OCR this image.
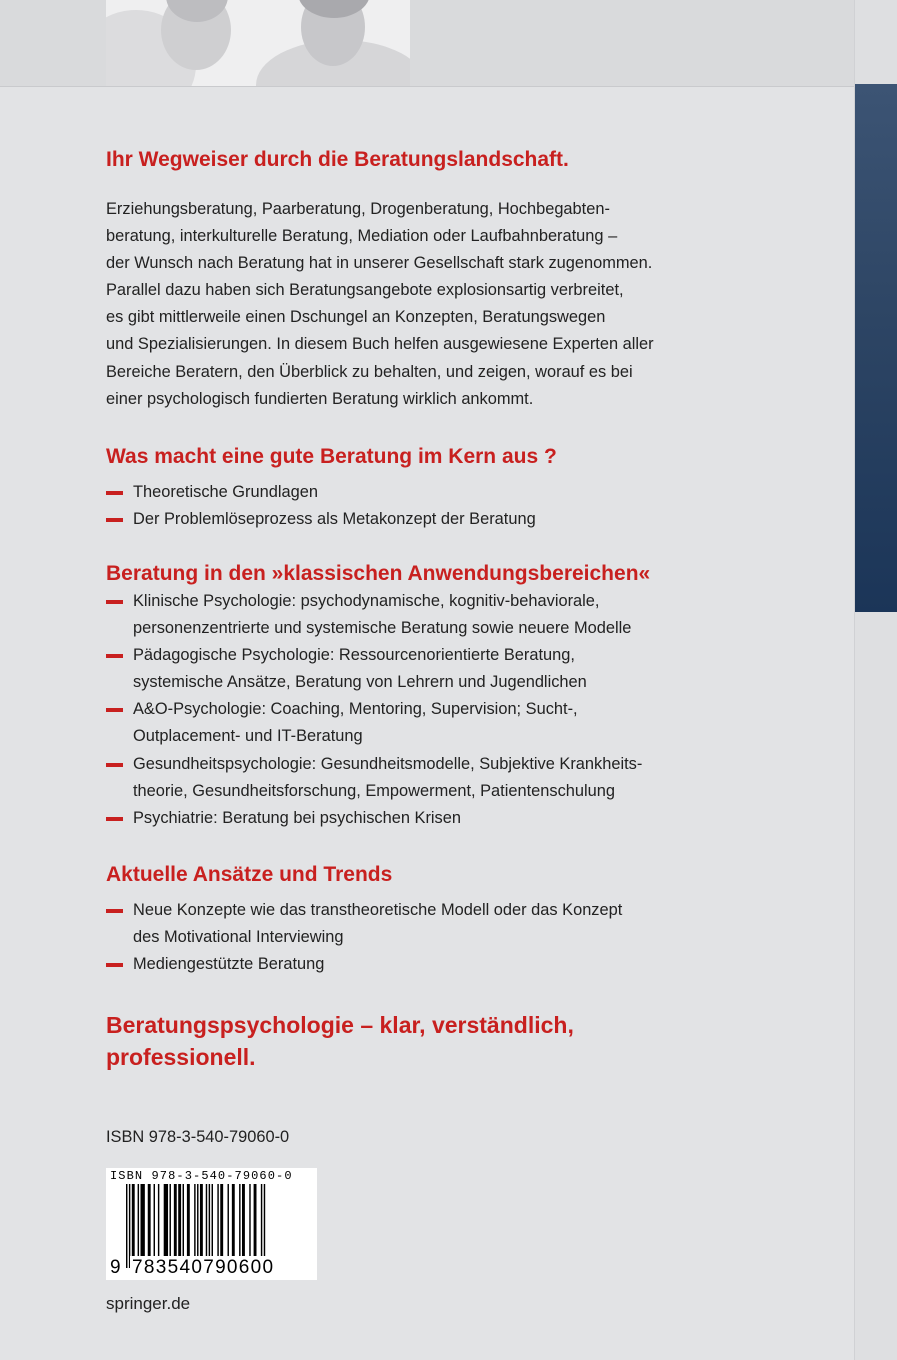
Ihr Wegweiser durch die Beratungslandschaft.
Erziehungsberatung, Paarberatung, Drogenberatung, Hochbegabten-
beratung, interkulturelle Beratung, Mediation oder Laufbahnberatung –
der Wunsch nach Beratung hat in unserer Gesellschaft stark zugenommen.
Parallel dazu haben sich Beratungsangebote explosionsartig verbreitet,
es gibt mittlerweile einen Dschungel an Konzepten, Beratungswegen
und Spezialisierungen. In diesem Buch helfen ausgewiesene Experten aller
Bereiche Beratern, den Überblick zu behalten, und zeigen, worauf es bei
einer psychologisch fundierten Beratung wirklich ankommt.
Was macht eine gute Beratung im Kern aus ?
Theoretische Grundlagen
Der Problemlöseprozess als Metakonzept der Beratung
Beratung in den »klassischen Anwendungsbereichen«
Klinische Psychologie: psychodynamische, kognitiv-behaviorale,
personenzentrierte und systemische Beratung sowie neuere Modelle
Pädagogische Psychologie: Ressourcenorientierte Beratung,
systemische Ansätze, Beratung von Lehrern und Jugendlichen
A&O-Psychologie: Coaching, Mentoring, Supervision; Sucht-,
Outplacement- und IT-Beratung
Gesundheitspsychologie: Gesundheitsmodelle, Subjektive Krankheits-
theorie, Gesundheitsforschung, Empowerment, Patientenschulung
Psychiatrie: Beratung bei psychischen Krisen
Aktuelle Ansätze und Trends
Neue Konzepte wie das transtheoretische Modell oder das Konzept
des Motivational Interviewing
Mediengestützte Beratung
Beratungspsychologie – klar, verständlich,
professionell.
ISBN 978-3-540-79060-0
ISBN 978-3-540-79060-0
9 783540790600
springer.de
